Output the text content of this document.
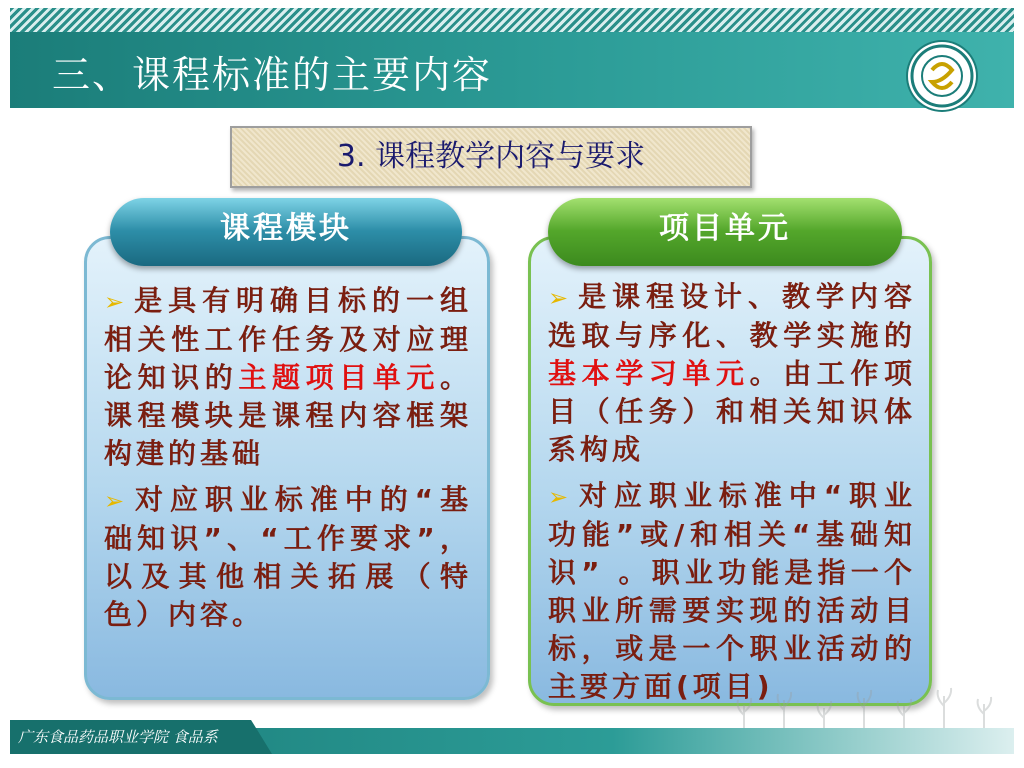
三、课程标准的主要内容
3. 课程教学内容与要求
课程模块

➢ 是具有明确目标的一组相关性工作任务及对应理论知识的主题项目单元。课程模块是课程内容框架构建的基础

➢ 对应职业标准中的“基础知识”、“工作要求”，以及其他相关拓展（特色）内容。

项目单元

➢ 是课程设计、教学内容选取与序化、教学实施的基本学习单元。由工作项目（任务）和相关知识体系构成

➢ 对应职业标准中“职业功能”或/和相关“基础知识” 。职业功能是指一个职业所需要实现的活动目标，或是一个职业活动的主要方面(项目)

广东食品药品职业学院 食品系
